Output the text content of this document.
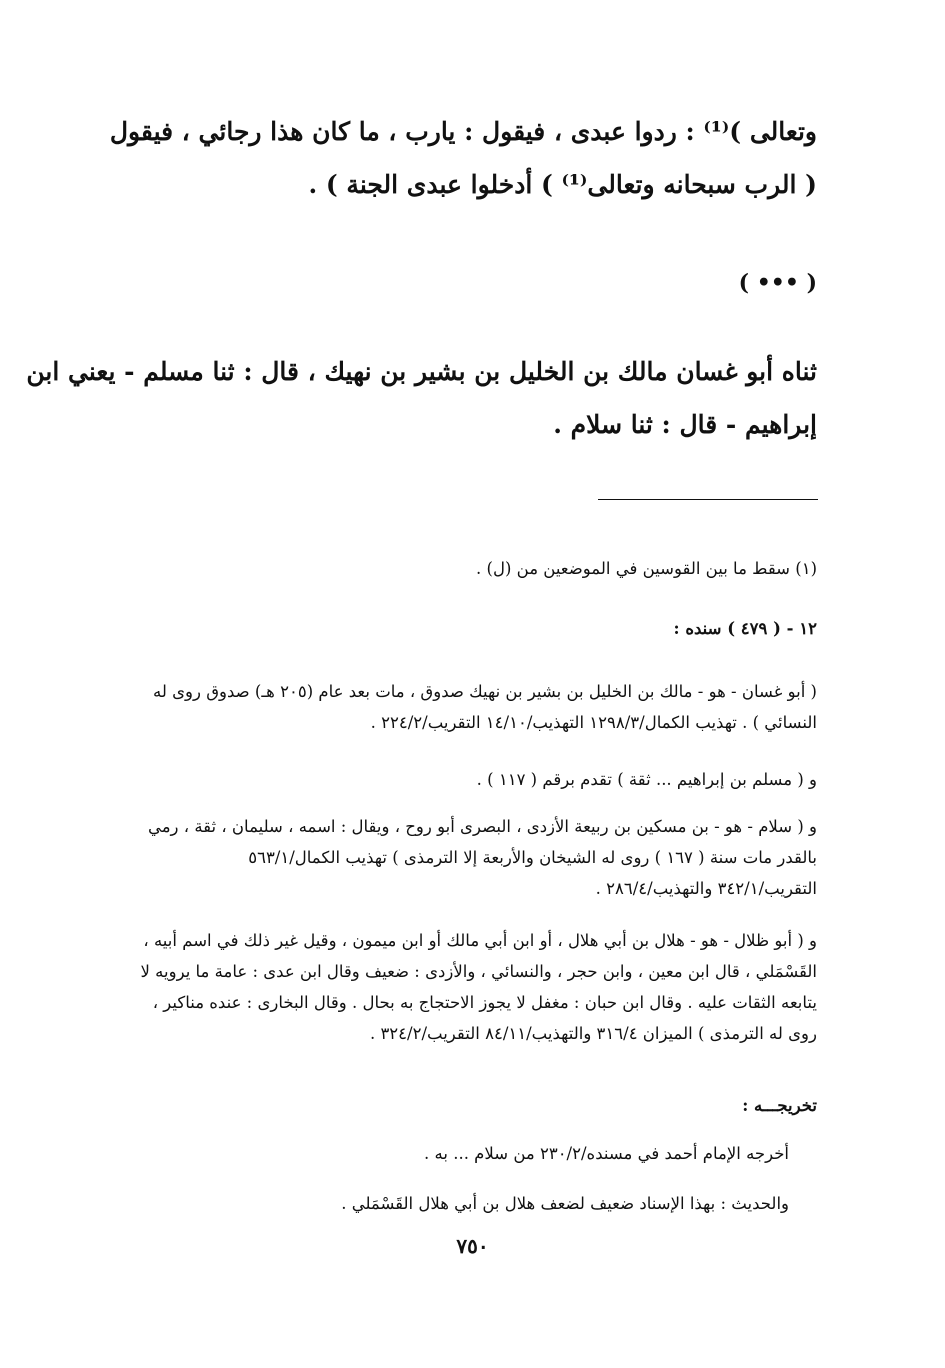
وتعالى )⁽¹⁾ : ردوا عبدى ، فيقول : يارب ، ما كان هذا رجائي ، فيقول
( الرب سبحانه وتعالى⁽¹⁾ ) أدخلوا عبدى الجنة ) .
( ••• )
ثناه أبو غسان مالك بن الخليل بن بشير بن نهيك ، قال : ثنا مسلم - يعني ابن
إبراهيم - قال : ثنا سلام .
(١) سقط ما بين القوسين في الموضعين من (ل) .
١٢ - ( ٤٧٩ ) سنده :
( أبو غسان - هو - مالك بن الخليل بن بشير بن نهيك صدوق ، مات بعد عام (٢٠٥ هـ) صدوق روى له
النسائي ) . تهذيب الكمال/١٢٩٨/٣ التهذيب/١٤/١٠ التقريب/٢٢٤/٢ .
و ( مسلم بن إبراهيم ... ثقة ) تقدم برقم ( ١١٧ ) .
و ( سلام - هو - بن مسكين بن ربيعة الأزدى ، البصرى أبو روح ، ويقال : اسمه ، سليمان ، ثقة ، رمي
بالقدر مات سنة ( ١٦٧ ) روى له الشيخان والأربعة إلا الترمذى ) تهذيب الكمال/٥٦٣/١
التقريب/٣٤٢/١ والتهذيب/٢٨٦/٤ .
و ( أبو ظلال - هو - هلال بن أبي هلال ، أو ابن أبي مالك أو ابن ميمون ، وقيل غير ذلك في اسم أبيه ،
القَسْمَلي ، قال ابن معين ، وابن حجر ، والنسائي ، والأزدى : ضعيف وقال ابن عدى : عامة ما يرويه لا
يتابعه الثقات عليه . وقال ابن حبان : مغفل لا يجوز الاحتجاج به بحال . وقال البخارى : عنده مناكير ،
روى له الترمذى ) الميزان ٣١٦/٤ والتهذيب/٨٤/١١ التقريب/٣٢٤/٢ .
تخريجـــه :
أخرجه الإمام أحمد في مسنده/٢٣٠/٢ من سلام ... به .
والحديث : بهذا الإسناد ضعيف لضعف هلال بن أبي هلال القَسْمَلي .
٧٥٠
